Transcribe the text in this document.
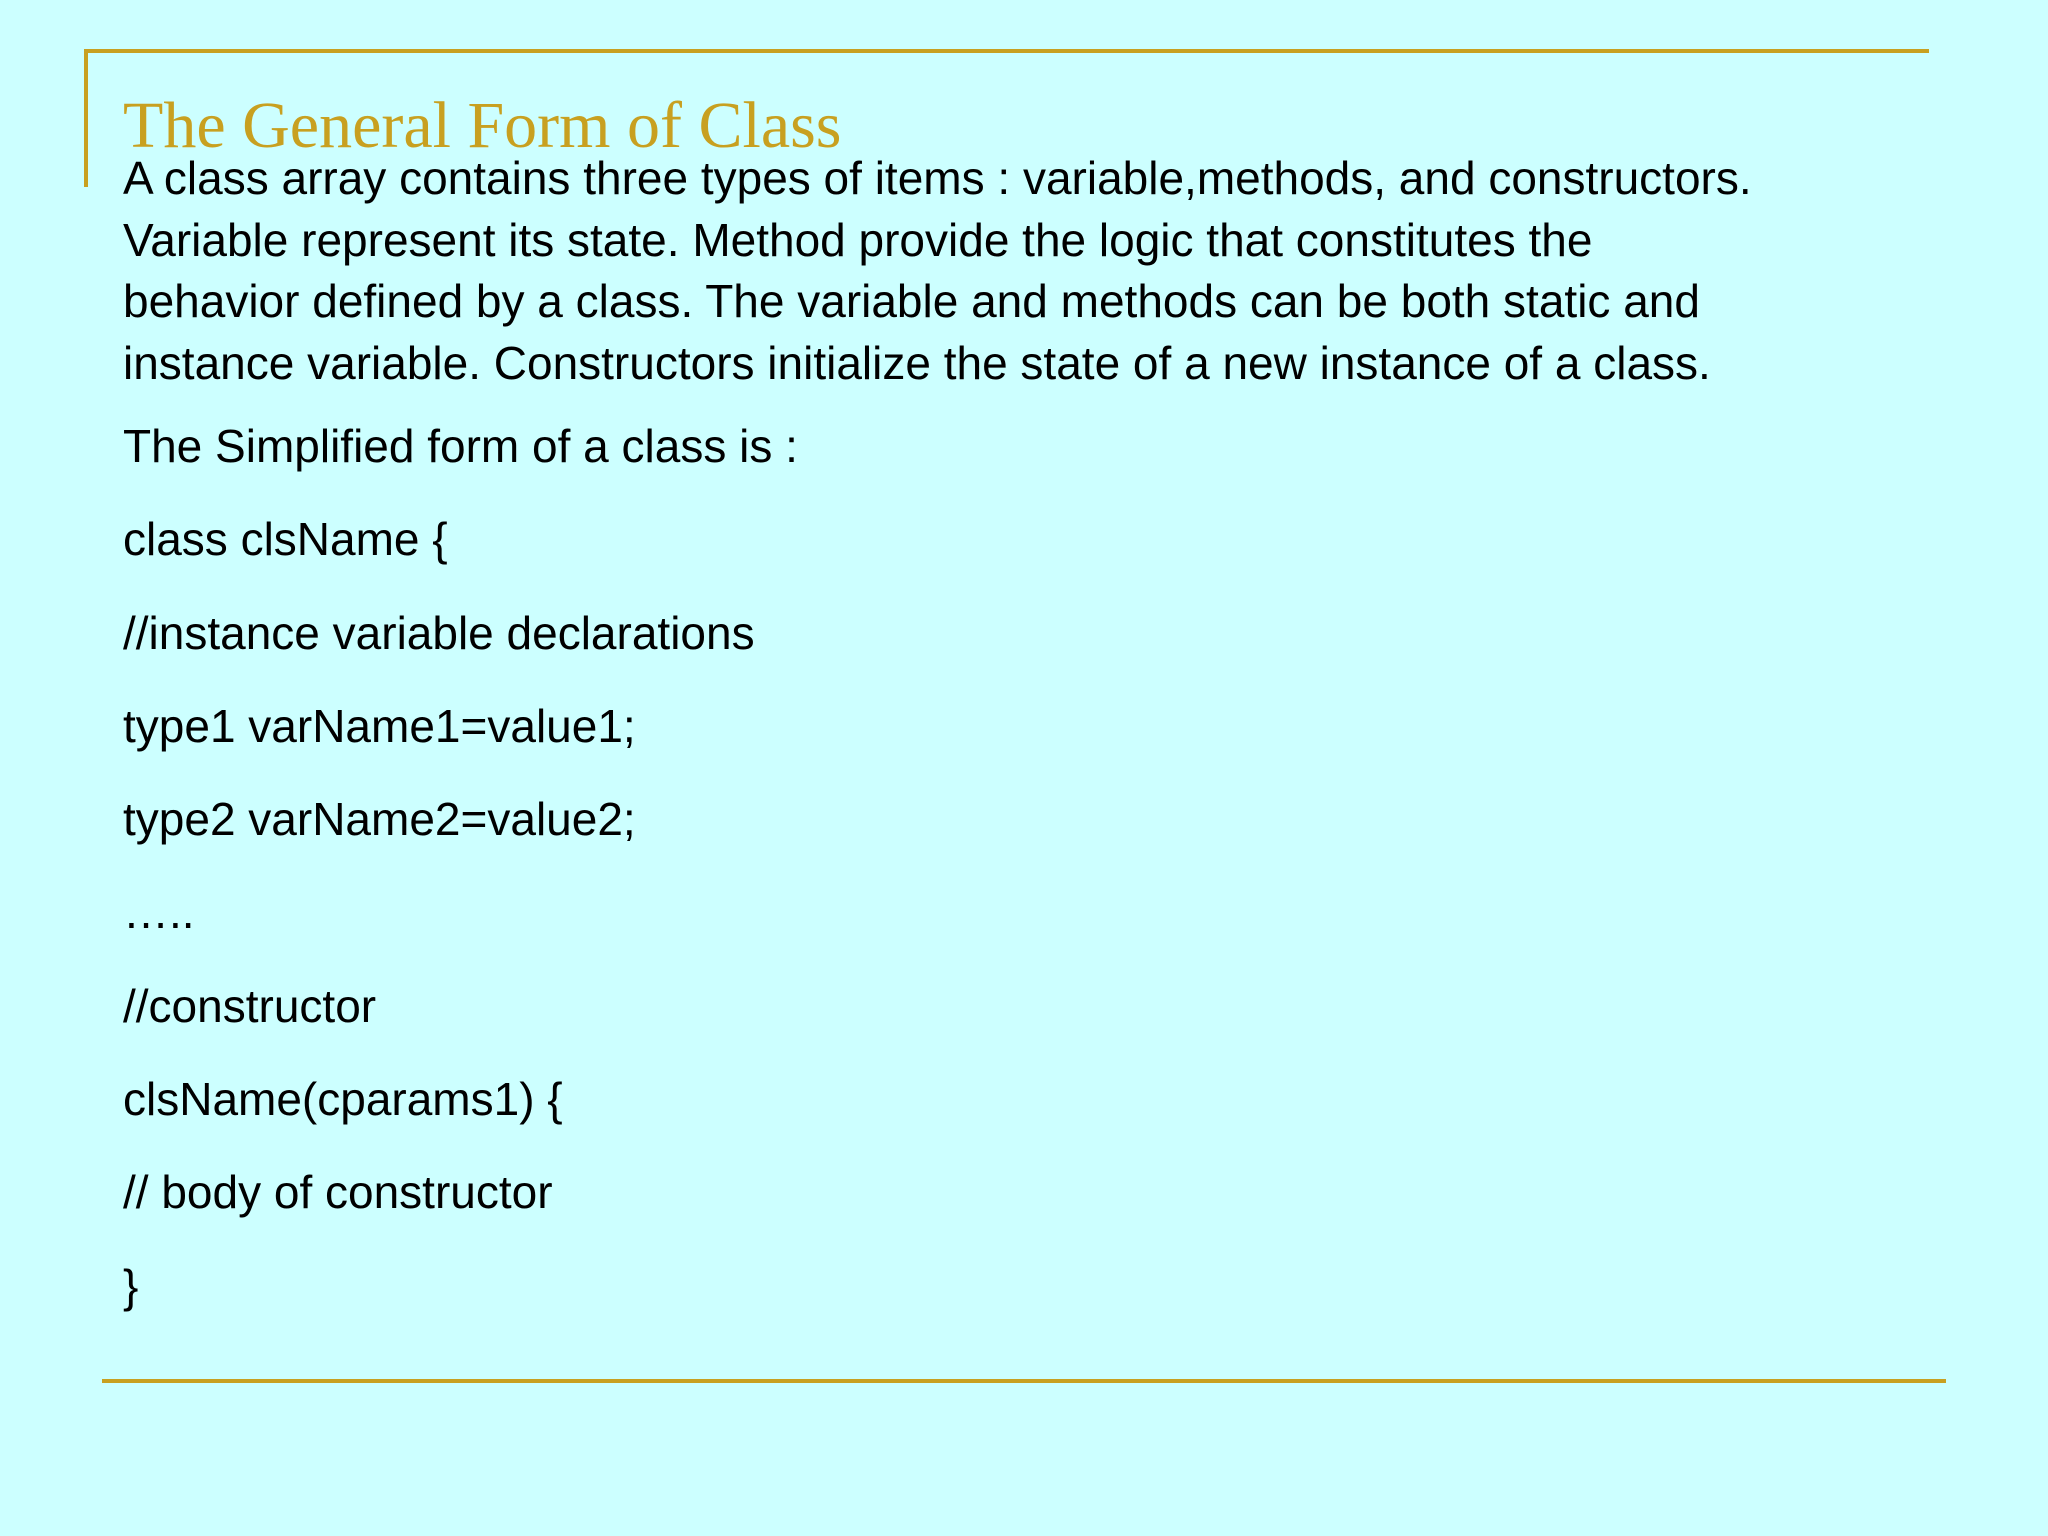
The General Form of Class

A class array contains three types of items : variable,methods, and constructors.
Variable represent its state. Method provide the logic that constitutes the
behavior defined by a class. The variable and methods can be both static and
instance variable. Constructors initialize the state of a new instance of a class.

The Simplified form of a class is :

class clsName {

//instance variable declarations

type1 varName1=value1;

type2 varName2=value2;

…..

//constructor

clsName(cparams1) {

// body of constructor

}
